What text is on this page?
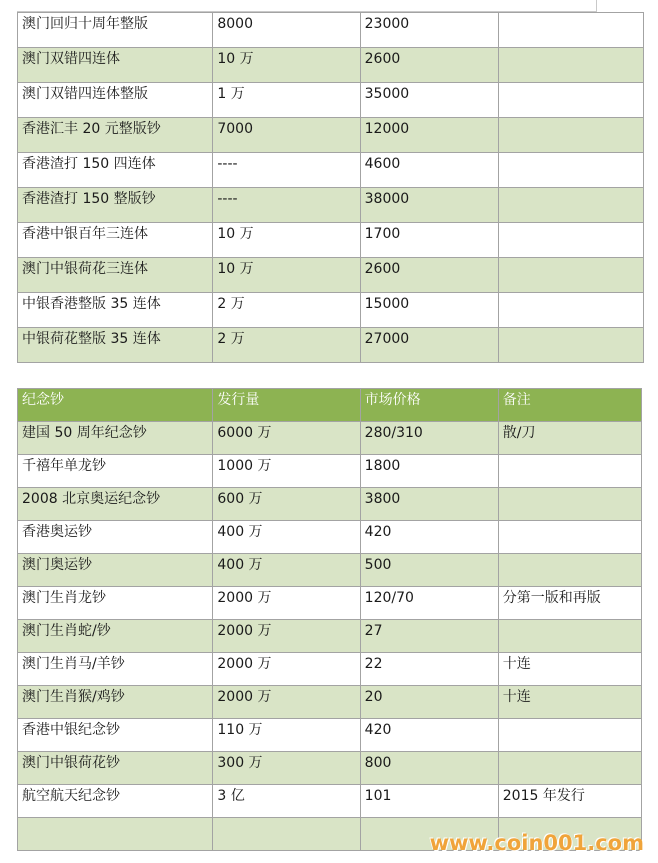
澳门回归十周年整版	8000	23000	
澳门双错四连体	10 万	2600	
澳门双错四连体整版	1 万	35000	
香港汇丰 20 元整版钞	7000	12000	
香港渣打 150 四连体	----	4600	
香港渣打 150 整版钞	----	38000	
香港中银百年三连体	10 万	1700	
澳门中银荷花三连体	10 万	2600	
中银香港整版 35 连体	2 万	15000	
中银荷花整版 35 连体	2 万	27000	
纪念钞	发行量	市场价格	备注
建国 50 周年纪念钞	6000 万	280/310	散/刀
千禧年单龙钞	1000 万	1800	
2008 北京奥运纪念钞	600 万	3800	
香港奥运钞	400 万	420	
澳门奥运钞	400 万	500	
澳门生肖龙钞	2000 万	120/70	分第一版和再版
澳门生肖蛇/钞	2000 万	27	
澳门生肖马/羊钞	2000 万	22	十连
澳门生肖猴/鸡钞	2000 万	20	十连
香港中银纪念钞	110 万	420	
澳门中银荷花钞	300 万	800	
航空航天纪念钞	3 亿	101	2015 年发行

www.coin001.com
